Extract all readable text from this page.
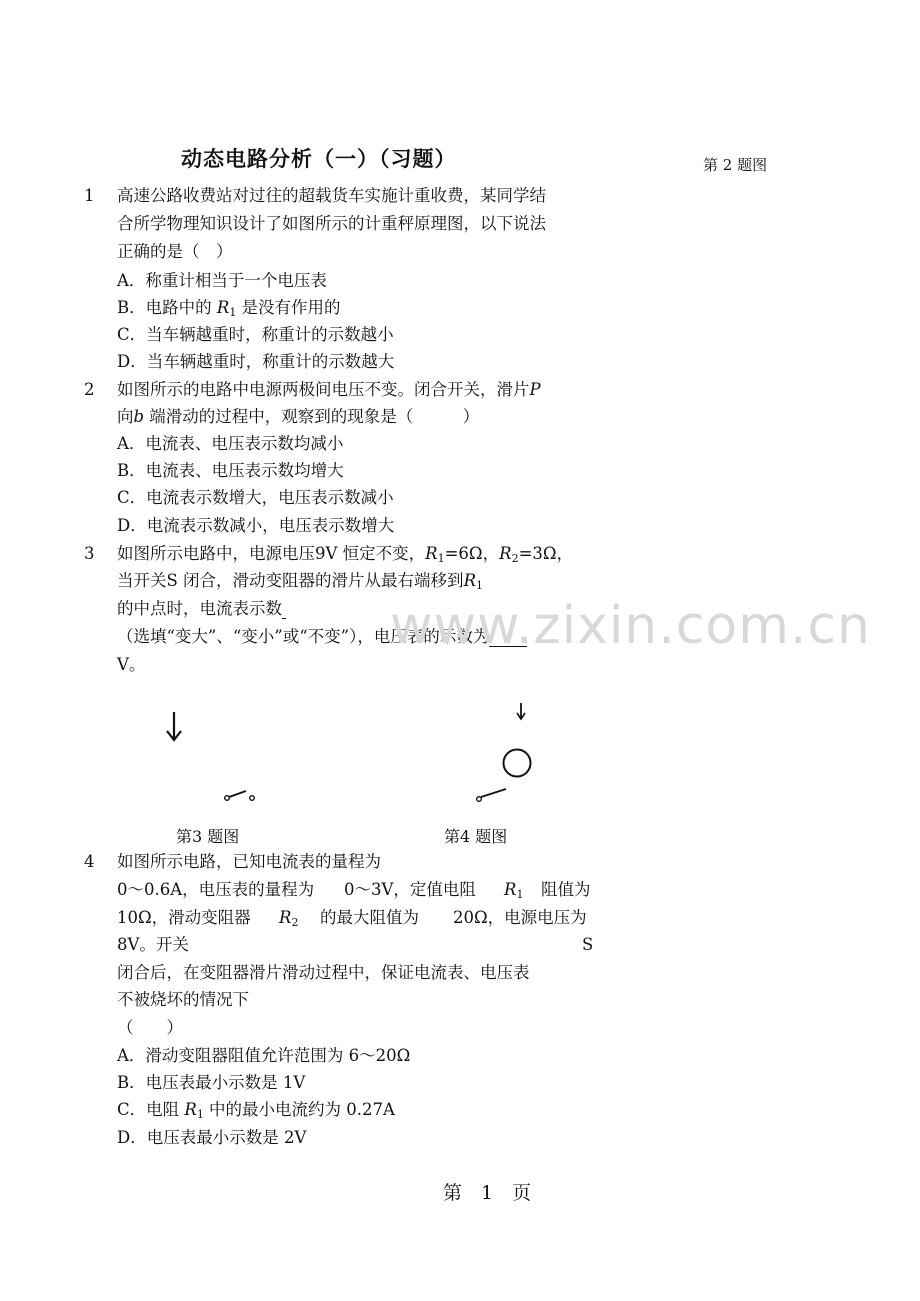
动态电路分析（一）（习题）	第 2 题图
1 高速公路收费站对过往的超载货车实施计重收费，某同学结
合所学物理知识设计了如图所示的计重秤原理图，以下说法
正确的是（　）
A．称重计相当于一个电压表
B．电路中的 $R_1$ 是没有作用的
C．当车辆越重时，称重计的示数越小
D．当车辆越重时，称重计的示数越大
2 如图所示的电路中电源两极间电压不变。闭合开关，滑片P
向b 端滑动的过程中，观察到的现象是（　　　）
A．电流表、电压表示数均减小
B．电流表、电压表示数均增大
C．电流表示数增大，电压表示数减小
D．电流表示数减小，电压表示数增大
3 如图所示电路中，电源电压9V 恒定不变，$R_1=6\Omega$，$R_2=3\Omega$，
当开关S 闭合，滑动变阻器的滑片从最右端移到$R_1$
的中点时，电流表示数
（选填“变大”、“变小”或“不变”），电压表的示数为
V。
www.zixin.com.cn
第3 题图	第4 题图
4 如图所示电路，已知电流表的量程为
0～0.6A，电压表的量程为 0～3V，定值电阻 $R_1$ 阻值为
10Ω，滑动变阻器 $R_2$ 的最大阻值为 20Ω，电源电压为
8V。开关	S
闭合后，在变阻器滑片滑动过程中，保证电流表、电压表
不被烧坏的情况下
（　　）
A．滑动变阻器阻值允许范围为 6～20Ω
B．电压表最小示数是 1V
C．电阻 $R_1$ 中的最小电流约为 0.27A
D．电压表最小示数是 2V
第　1　页
